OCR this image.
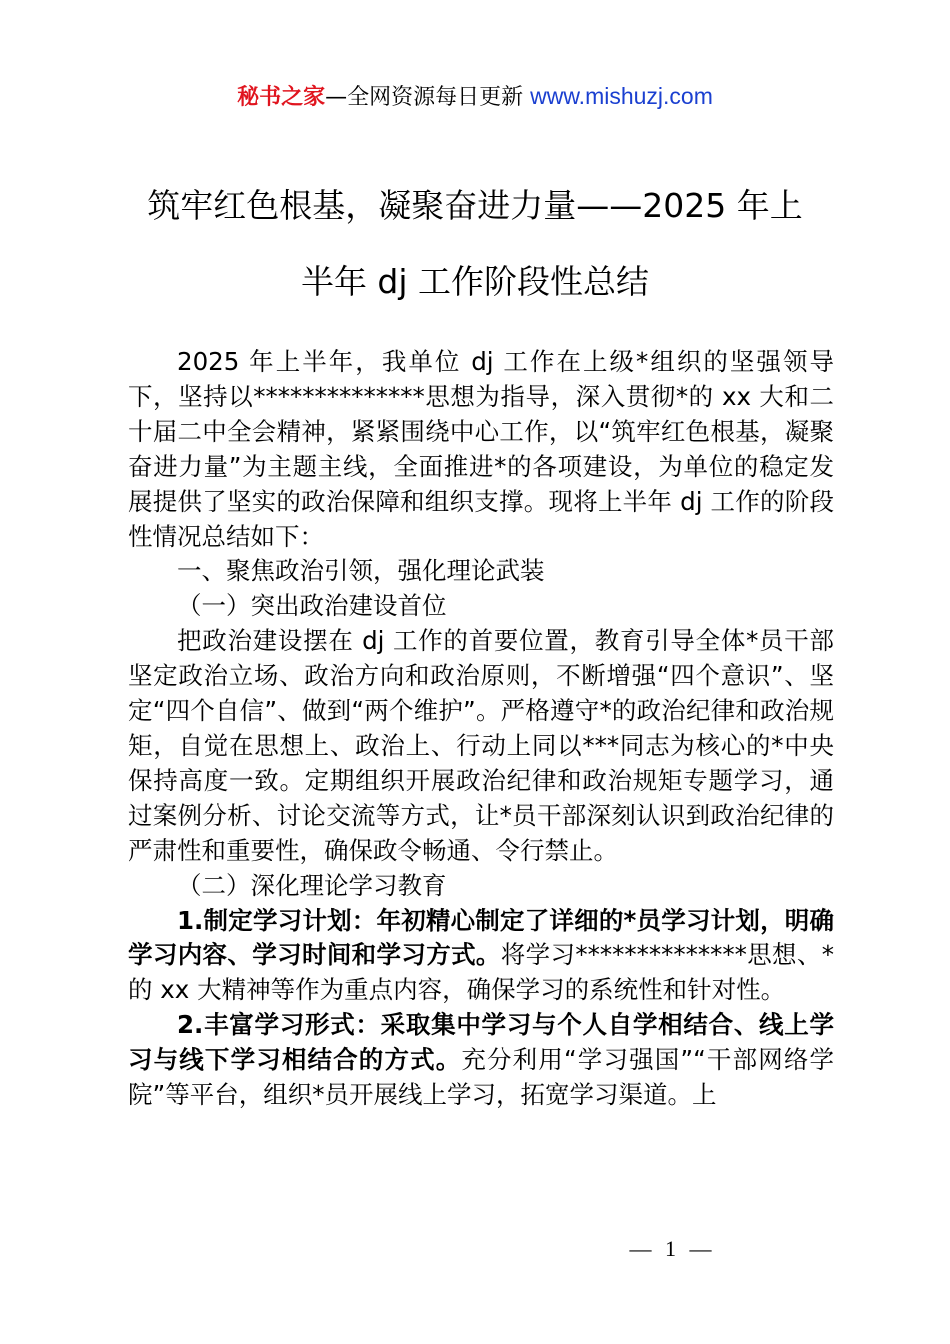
秘书之家—全网资源每日更新 www.mishuzj.com
筑牢红色根基，凝聚奋进力量——2025 年上
半年 dj 工作阶段性总结

2025 年上半年，我单位 dj 工作在上级*组织的坚强领导下，坚持以**************思想为指导，深入贯彻*的 xx 大和二十届二中全会精神，紧紧围绕中心工作，以“筑牢红色根基，凝聚奋进力量”为主题主线，全面推进*的各项建设，为单位的稳定发展提供了坚实的政治保障和组织支撑。现将上半年 dj 工作的阶段性情况总结如下：

一、聚焦政治引领，强化理论武装

（一）突出政治建设首位

把政治建设摆在 dj 工作的首要位置，教育引导全体*员干部坚定政治立场、政治方向和政治原则，不断增强“四个意识”、坚定“四个自信”、做到“两个维护”。严格遵守*的政治纪律和政治规矩，自觉在思想上、政治上、行动上同以***同志为核心的*中央保持高度一致。定期组织开展政治纪律和政治规矩专题学习，通过案例分析、讨论交流等方式，让*员干部深刻认识到政治纪律的严肃性和重要性，确保政令畅通、令行禁止。

（二）深化理论学习教育

1.制定学习计划：年初精心制定了详细的*员学习计划，明确学习内容、学习时间和学习方式。将学习**************思想、*的 xx 大精神等作为重点内容，确保学习的系统性和针对性。

2.丰富学习形式：采取集中学习与个人自学相结合、线上学习与线下学习相结合的方式。充分利用“学习强国”“干部网络学院”等平台，组织*员开展线上学习，拓宽学习渠道。上

— 1 —
